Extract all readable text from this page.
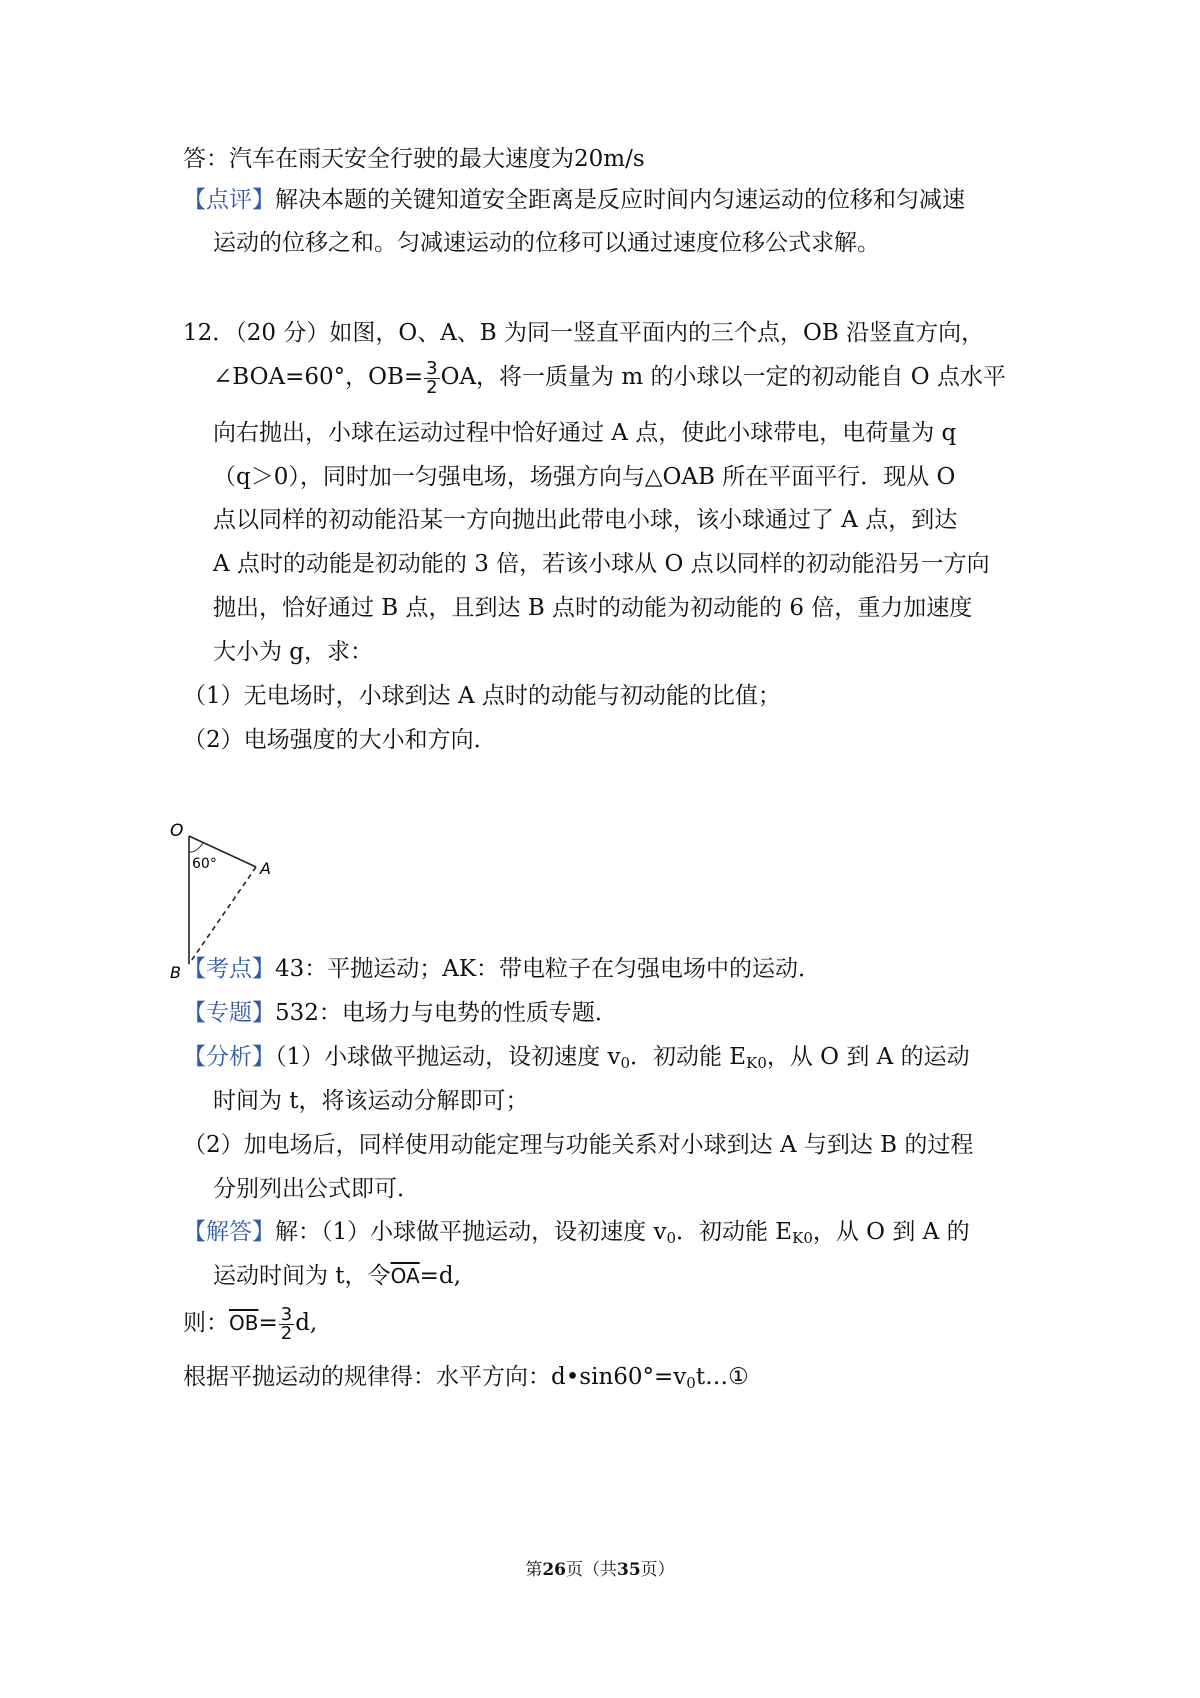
答：汽车在雨天安全行驶的最大速度为20m/s
【点评】解决本题的关键知道安全距离是反应时间内匀速运动的位移和匀减速
运动的位移之和。匀减速运动的位移可以通过速度位移公式求解。
12．（20 分）如图，O、A、B 为同一竖直平面内的三个点，OB 沿竖直方向，
∠BOA=60°，$OB= \frac{3}{2}$ OA，将一质量为 m 的小球以一定的初动能自 O 点水平
向右抛出，小球在运动过程中恰好通过 A 点，使此小球带电，电荷量为 q
（q＞0），同时加一匀强电场，场强方向与△OAB 所在平面平行．现从 O
点以同样的初动能沿某一方向抛出此带电小球，该小球通过了 A 点，到达
A 点时的动能是初动能的 3 倍，若该小球从 O 点以同样的初动能沿另一方向
抛出，恰好通过 B 点，且到达 B 点时的动能为初动能的 6 倍，重力加速度
大小为 g，求：
（1）无电场时，小球到达 A 点时的动能与初动能的比值；
（2）电场强度的大小和方向．
O
A
B
60°
【考点】43：平抛运动；AK：带电粒子在匀强电场中的运动．
【专题】532：电场力与电势的性质专题．
【分析】（1）小球做平抛运动，设初速度 $v_0$．初动能 $E_{K0}$，从 O 到 A 的运动
时间为 t，将该运动分解即可；
（2）加电场后，同样使用动能定理与功能关系对小球到达 A 与到达 B 的过程
分别列出公式即可．
【解答】解：（1）小球做平抛运动，设初速度 $v_0$．初动能 $E_{K0}$，从 O 到 A 的
运动时间为 t，令$\overline{OA}=d$,
则：$\overline{OB}= \frac{3}{2} d$,
根据平抛运动的规律得：水平方向：$d•\sin 60^\circ=v_0t\dots ①$
第26页（共35页）
